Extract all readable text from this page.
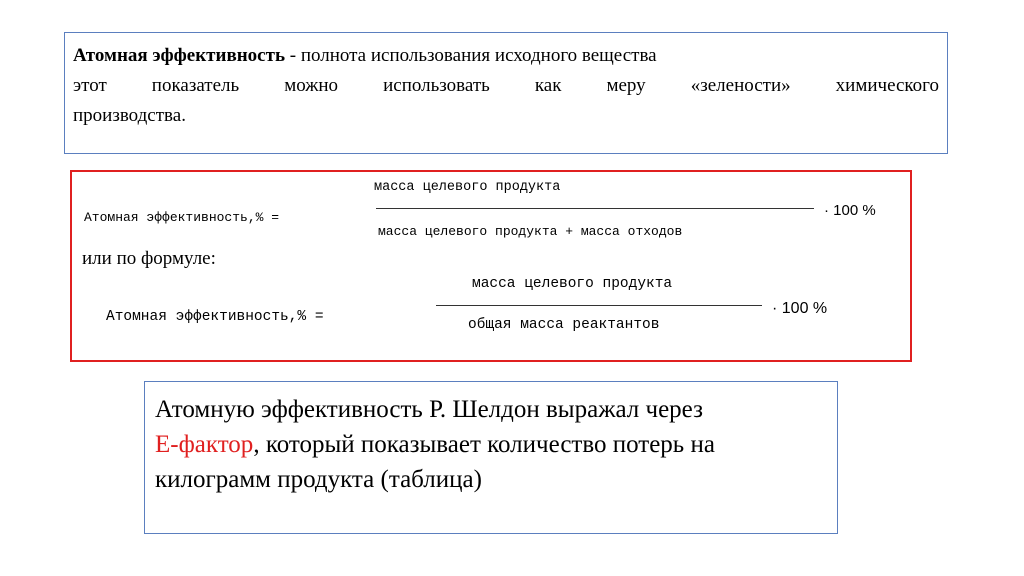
Атомная эффективность - полнота использования исходного вещества
этот показатель можно использовать как меру «зелености» химического
производства.
масса целевого продукта
Атомная эффективность,% =
масса целевого продукта + масса отходов
· 100 %
или по формуле:
масса целевого продукта
Атомная эффективность,% =	общая масса реактантов
· 100 %
Атомную эффективность Р. Шелдон выражал через
Е-фактор, который показывает количество потерь на
килограмм продукта (таблица)
